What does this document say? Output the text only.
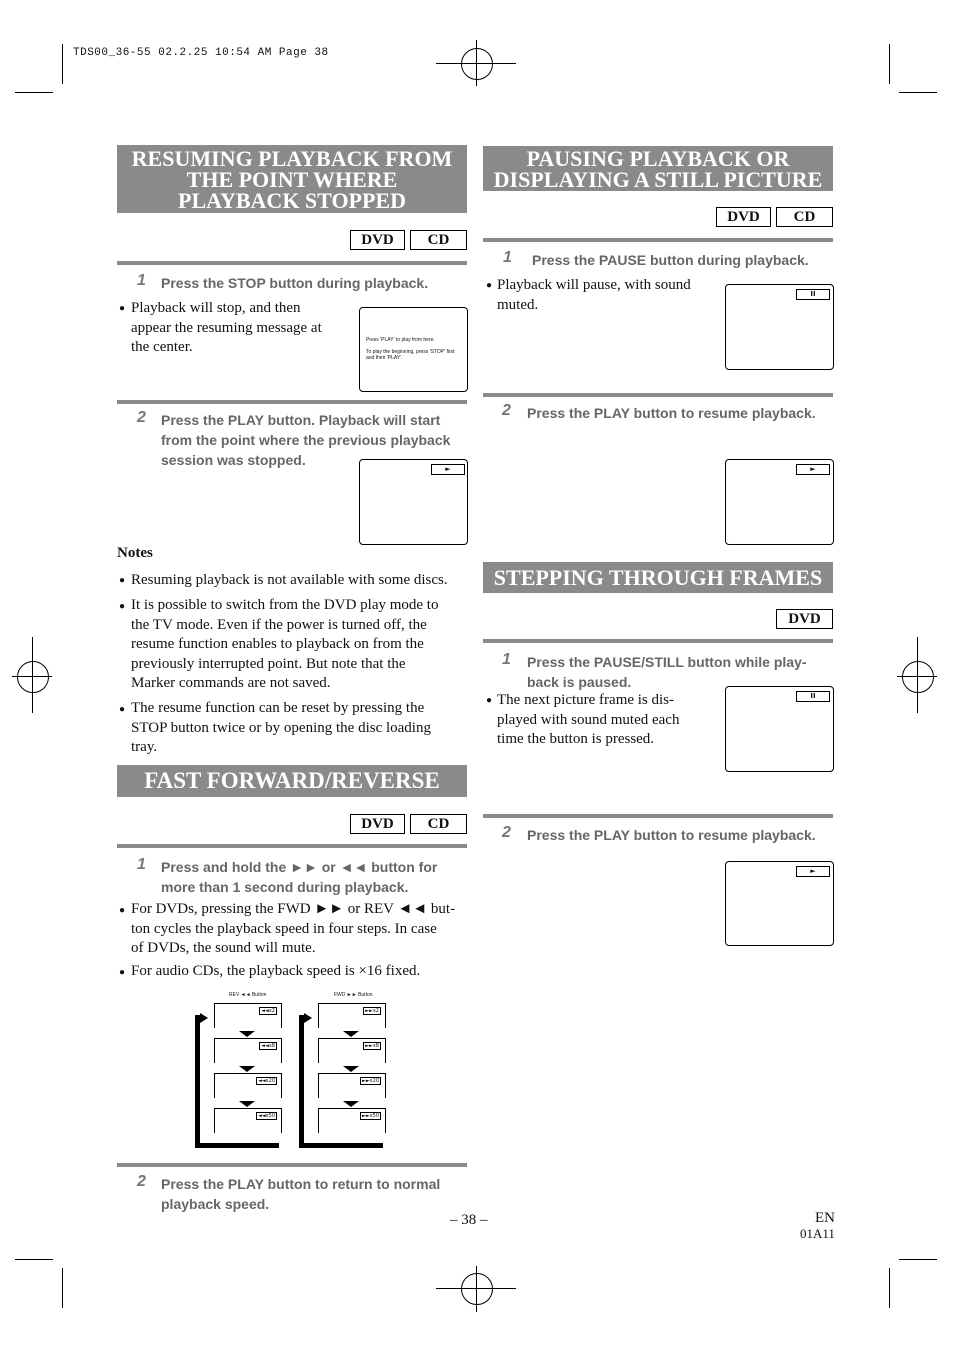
TDS00_36-55 02.2.25 10:54 AM Page 38
RESUMING PLAYBACK FROM
THE POINT WHERE
PLAYBACK STOPPED
DVD	CD
1 Press the STOP button during playback.
● Playback will stop, and then
appear the resuming message at
the center.	Press 'PLAY' to play from here.
To play the beginning, press 'STOP' first
and then 'PLAY'.
2 Press the PLAY button. Playback will start
from the point where the previous playback
session was stopped.
►
Notes
● Resuming playback is not available with some discs.
● It is possible to switch from the DVD play mode to
the TV mode. Even if the power is turned off, the
resume function enables to playback on from the
previously interrupted point. But note that the
Marker commands are not saved.
● The resume function can be reset by pressing the
STOP button twice or by opening the disc loading
tray.
FAST FORWARD/REVERSE
DVD	CD
1 Press and hold the ►► or ◄◄ button for
more than 1 second during playback.
● For DVDs, pressing the FWD ►► or REV ◄◄ but-
ton cycles the playback speed in four steps. In case
of DVDs, the sound will mute.
● For audio CDs, the playback speed is ×16 fixed.
REV ◄◄ Button	FWD ►► Button
◄◄x2
◄◄x8
◄◄x20
◄◄x50
►►x2
►►x8
►►x20
►►x50
2 Press the PLAY button to return to normal
playback speed.
PAUSING PLAYBACK OR
DISPLAYING A STILL PICTURE
DVD	CD
1 Press the PAUSE button during playback.
● Playback will pause, with sound
muted.
II
2 Press the PLAY button to resume playback.
►
STEPPING THROUGH FRAMES
DVD
1 Press the PAUSE/STILL button while play-
back is paused.
● The next picture frame is dis-
played with sound muted each
time the button is pressed.
II
2 Press the PLAY button to resume playback.
►
– 38 –	EN
01A11
